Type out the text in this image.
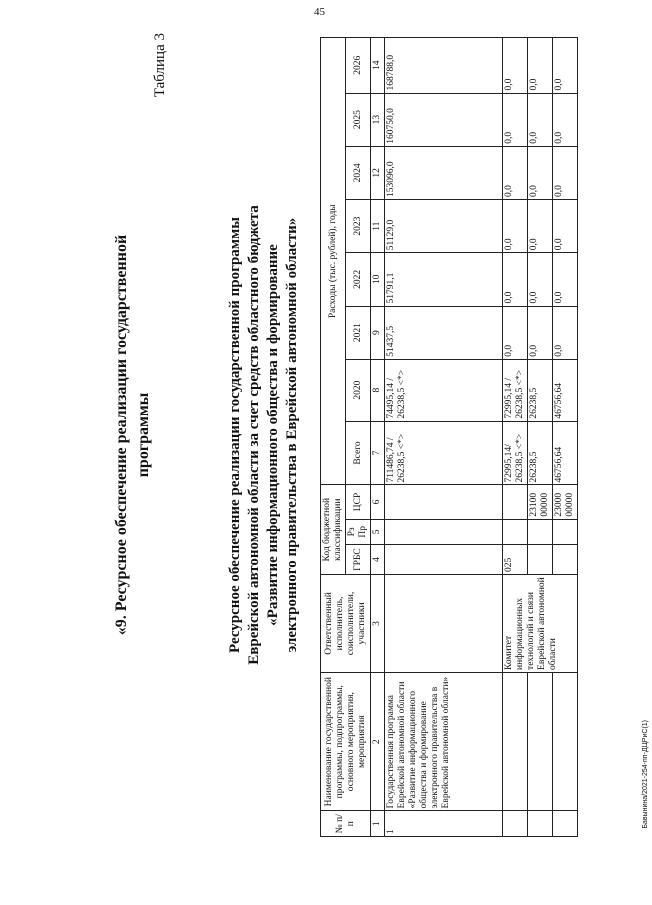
45
«9. Ресурсное обеспечение реализации государственной программы
Таблица 3
Ресурсное обеспечение реализации государственной программы Еврейской автономной области за счет средств областного бюджета «Развитие информационного общества и формирование электронного правительства в Еврейской автономной области»
№ п/п	Наименование государственной программы, подпрограммы, основного мероприятия, мероприятия	Ответственный исполнитель, соисполнители, участники	Код бюджетной классификации			Расходы (тыс. рублей), годы							
			ГРБС	Рз Пр	ЦСР	Всего	2020	2021	2022	2023	2024	2025	2026
1	2	3	4	5	6	7	8	9	10	11	12	13	14
1	Государственная программа Еврейской автономной области «Развитие информационного общества и формирование электронного правительства в Еврейской автономной области»					711486,74 / 26238,5 <*>	74495,14 / 26238,5 <*>	51437,5	51791,1	51129,0	153096,0	160750,0	168788,0
		Комитет информационных технологий и связи Еврейской автономной области	025			72995,14/ 26238,5 <*>	72995,14 / 26238,5 <*>	0,0	0,0	0,0	0,0	0,0	0,0
					23100 00000	26238,5	26238,5	0,0	0,0	0,0	0,0	0,0	0,0
					23000 00000	46756,64	46756,64	0,0	0,0	0,0	0,0	0,0	0,0
Бавынина/2021-254-пп-ДЦРиС(1)
